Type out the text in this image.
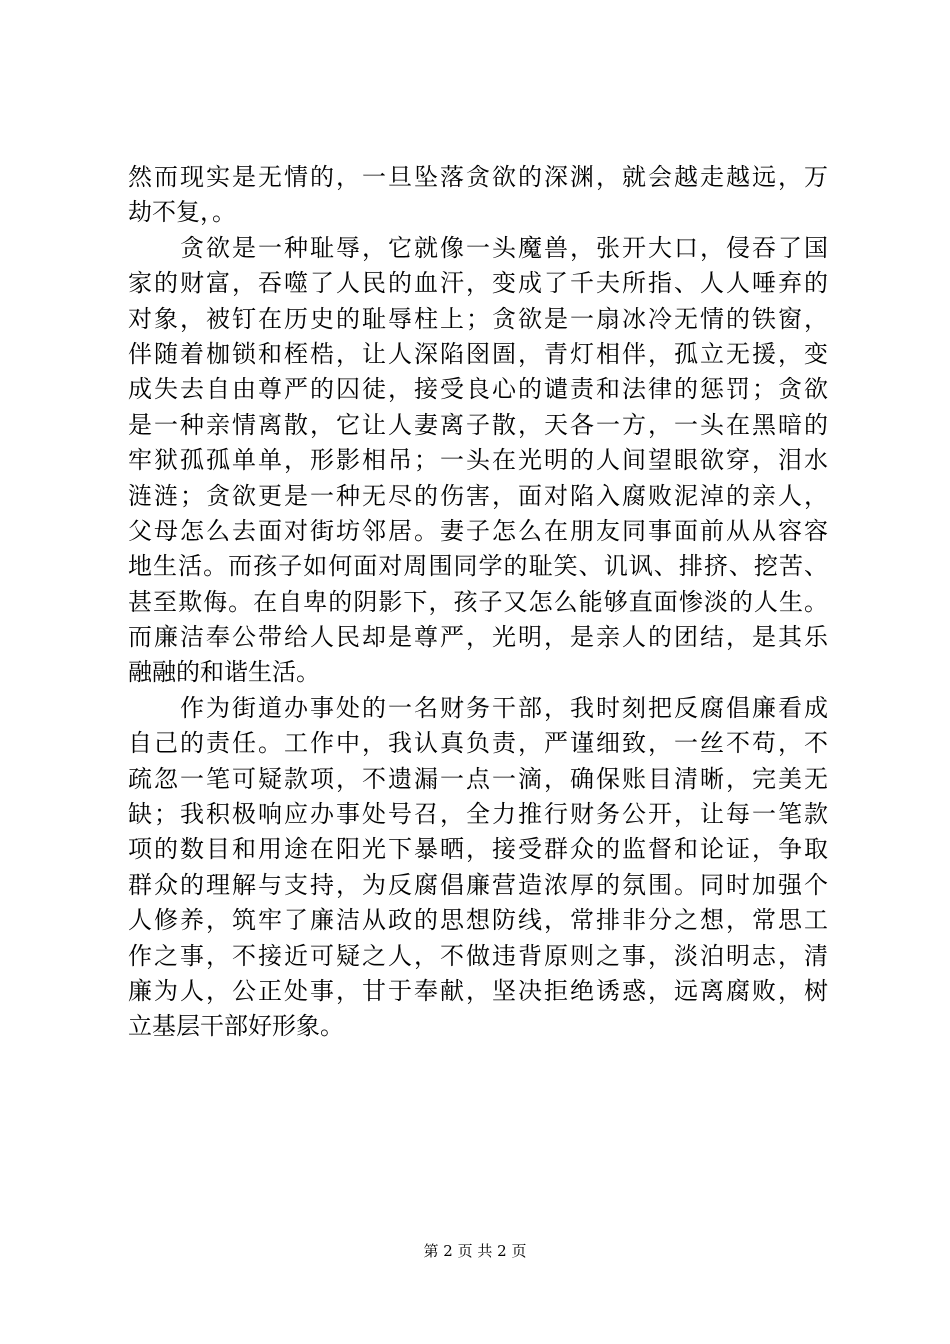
然而现实是无情的，一旦坠落贪欲的深渊，就会越走越远，万
劫不复，。
　　贪欲是一种耻辱，它就像一头魔兽，张开大口，侵吞了国
家的财富，吞噬了人民的血汗，变成了千夫所指、人人唾弃的
对象，被钉在历史的耻辱柱上；贪欲是一扇冰冷无情的铁窗，
伴随着枷锁和桎梏，让人深陷囹圄，青灯相伴，孤立无援，变
成失去自由尊严的囚徒，接受良心的谴责和法律的惩罚；贪欲
是一种亲情离散，它让人妻离子散，天各一方，一头在黑暗的
牢狱孤孤单单，形影相吊；一头在光明的人间望眼欲穿，泪水
涟涟；贪欲更是一种无尽的伤害，面对陷入腐败泥淖的亲人，
父母怎么去面对街坊邻居。妻子怎么在朋友同事面前从从容容
地生活。而孩子如何面对周围同学的耻笑、讥讽、排挤、挖苦、
甚至欺侮。在自卑的阴影下，孩子又怎么能够直面惨淡的人生。
而廉洁奉公带给人民却是尊严，光明，是亲人的团结，是其乐
融融的和谐生活。
　　作为街道办事处的一名财务干部，我时刻把反腐倡廉看成
自己的责任。工作中，我认真负责，严谨细致，一丝不苟，不
疏忽一笔可疑款项，不遗漏一点一滴，确保账目清晰，完美无
缺；我积极响应办事处号召，全力推行财务公开，让每一笔款
项的数目和用途在阳光下暴晒，接受群众的监督和论证，争取
群众的理解与支持，为反腐倡廉营造浓厚的氛围。同时加强个
人修养，筑牢了廉洁从政的思想防线，常排非分之想，常思工
作之事，不接近可疑之人，不做违背原则之事，淡泊明志，清
廉为人，公正处事，甘于奉献，坚决拒绝诱惑，远离腐败，树
立基层干部好形象。
第 2 页 共 2 页
